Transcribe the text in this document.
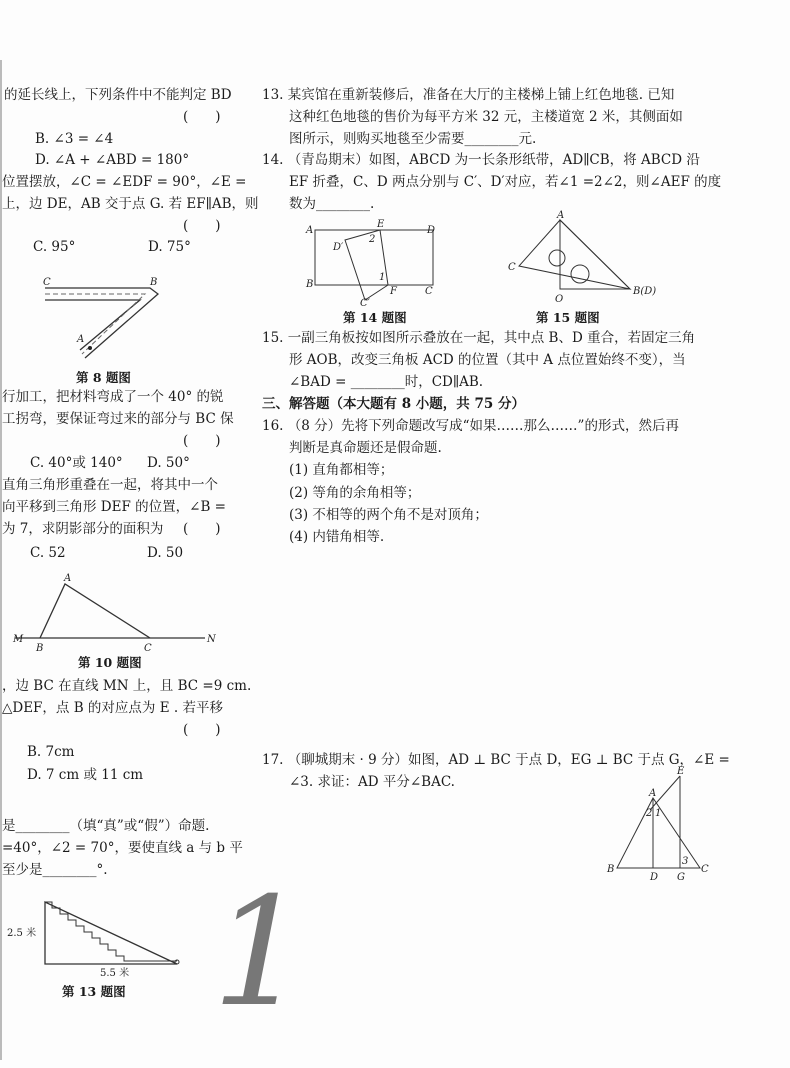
的延长线上，下列条件中不能判定 BD
(　　)
B. ∠3 = ∠4
D. ∠A + ∠ABD = 180°
位置摆放，∠C = ∠EDF = 90°，∠E =
上，边 DE，AB 交于点 G. 若 EF∥AB，则
(　　)
C. 95°	D. 75°
C	B
A
第 8 题图
行加工，把材料弯成了一个 40° 的锐
工拐弯，要保证弯过来的部分与 BC 保
(　　)
C. 40°或 140° D. 50°
直角三角形重叠在一起，将其中一个
向平移到三角形 DEF 的位置，∠B =
为 7，求阴影部分的面积为 (　　)
C. 52	D. 50
A
M
B	C
N
第 10 题图
，边 BC 在直线 MN 上，且 BC =9 cm.
△DEF，点 B 的对应点为 E . 若平移
(　　)
B. 7cm
D. 7 cm 或 11 cm
是________（填“真”或“假”）命题.
=40°，∠2 = 70°，要使直线 a 与 b 平
至少是________°.
2.5 米
5.5 米
第 13 题图 1
13. 某宾馆在重新装修后，准备在大厅的主楼梯上铺上红色地毯. 已知
这种红色地毯的售价为每平方米 32 元，主楼道宽 2 米，其侧面如
图所示，则购买地毯至少需要________元.
14. （青岛期末）如图，ABCD 为一长条形纸带，AD∥CB，将 ABCD 沿
EF 折叠，C、D 两点分别与 C′、D′对应，若∠1 =2∠2，则∠AEF 的度
数为________.
A
E
D
D′
B
C′
F	C
1
2
第 14 题图
A
C
O
B(D)
第 15 题图
15. 一副三角板按如图所示叠放在一起，其中点 B、D 重合，若固定三角
形 AOB，改变三角板 ACD 的位置（其中 A 点位置始终不变），当
∠BAD = ________时，CD∥AB.
三、解答题（本大题有 8 小题，共 75 分）
16. （8 分）先将下列命题改写成“如果……那么……”的形式，然后再
判断是真命题还是假命题.
(1) 直角都相等；
(2) 等角的余角相等；
(3) 不相等的两个角不是对顶角；
(4) 内错角相等.
17. （聊城期末 · 9 分）如图，AD ⊥ BC 于点 D，EG ⊥ BC 于点 G，∠E =
∠3. 求证：AD 平分∠BAC.
E
A
1
2
3
B
D G
C
